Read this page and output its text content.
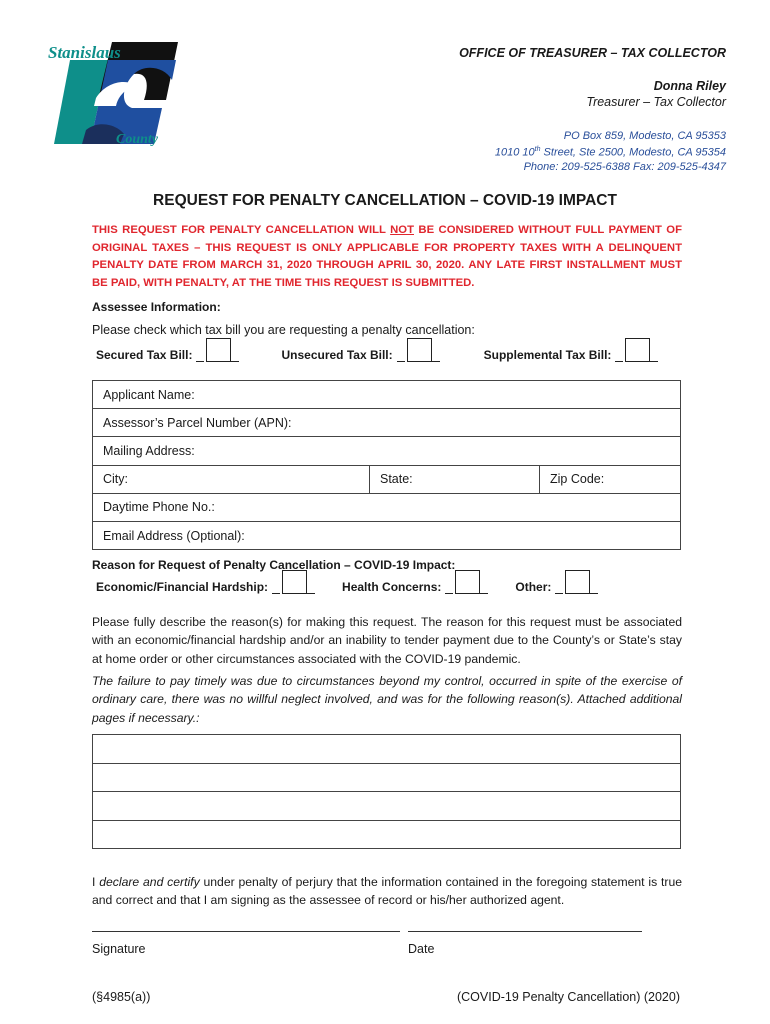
Stanislaus
County
OFFICE OF TREASURER – TAX COLLECTOR
Donna Riley
Treasurer – Tax Collector
PO Box 859, Modesto, CA 95353
1010 10th Street, Ste 2500, Modesto, CA 95354
Phone: 209-525-6388 Fax: 209-525-4347
REQUEST FOR PENALTY CANCELLATION – COVID-19 IMPACT
THIS REQUEST FOR PENALTY CANCELLATION WILL NOT BE CONSIDERED WITHOUT FULL PAYMENT OF ORIGINAL TAXES – THIS REQUEST IS ONLY APPLICABLE FOR PROPERTY TAXES WITH A DELINQUENT PENALTY DATE FROM MARCH 31, 2020 THROUGH APRIL 30, 2020. ANY LATE FIRST INSTALLMENT MUST BE PAID, WITH PENALTY, AT THE TIME THIS REQUEST IS SUBMITTED.
Assessee Information:
Please check which tax bill you are requesting a penalty cancellation:
Secured Tax Bill:	Unsecured Tax Bill:	Supplemental Tax Bill:
Applicant Name:
Assessor’s Parcel Number (APN):
Mailing Address:
City:	State:	Zip Code:
Daytime Phone No.:
Email Address (Optional):
Reason for Request of Penalty Cancellation – COVID-19 Impact:
Economic/Financial Hardship:	Health Concerns:	Other:
Please fully describe the reason(s) for making this request. The reason for this request must be associated with an economic/financial hardship and/or an inability to tender payment due to the County’s or State’s stay at home order or other circumstances associated with the COVID-19 pandemic.
The failure to pay timely was due to circumstances beyond my control, occurred in spite of the exercise of ordinary care, there was no willful neglect involved, and was for the following reason(s). Attached additional pages if necessary.:

I declare and certify under penalty of perjury that the information contained in the foregoing statement is true and correct and that I am signing as the assessee of record or his/her authorized agent.
Signature	Date
(§4985(a))	(COVID-19 Penalty Cancellation) (2020)
